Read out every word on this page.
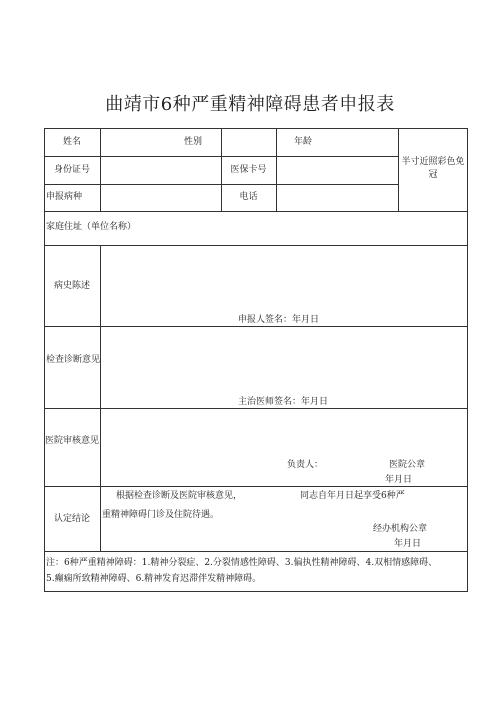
曲靖市6种严重精神障碍患者申报表
姓名	性别	年龄
半寸近照彩色免冠
身份证号	医保卡号
申报病种	电话
家庭住址（单位名称）
病史陈述
申报人签名：年月日
检查诊断意见
主治医师签名：年月日
医院审核意见
负责人：	医院公章
年月日
认定结论
根据检查诊断及医院审核意见，	同志自年月日起享受6种严
重精神障碍门诊及住院待遇。
经办机构公章
年月日
注：6种严重精神障碍：1.精神分裂症、2.分裂情感性障碍、3.偏执性精神障碍、4.双相情感障碍、
5.癫痫所致精神障碍、6.精神发育迟滞伴发精神障碍。
